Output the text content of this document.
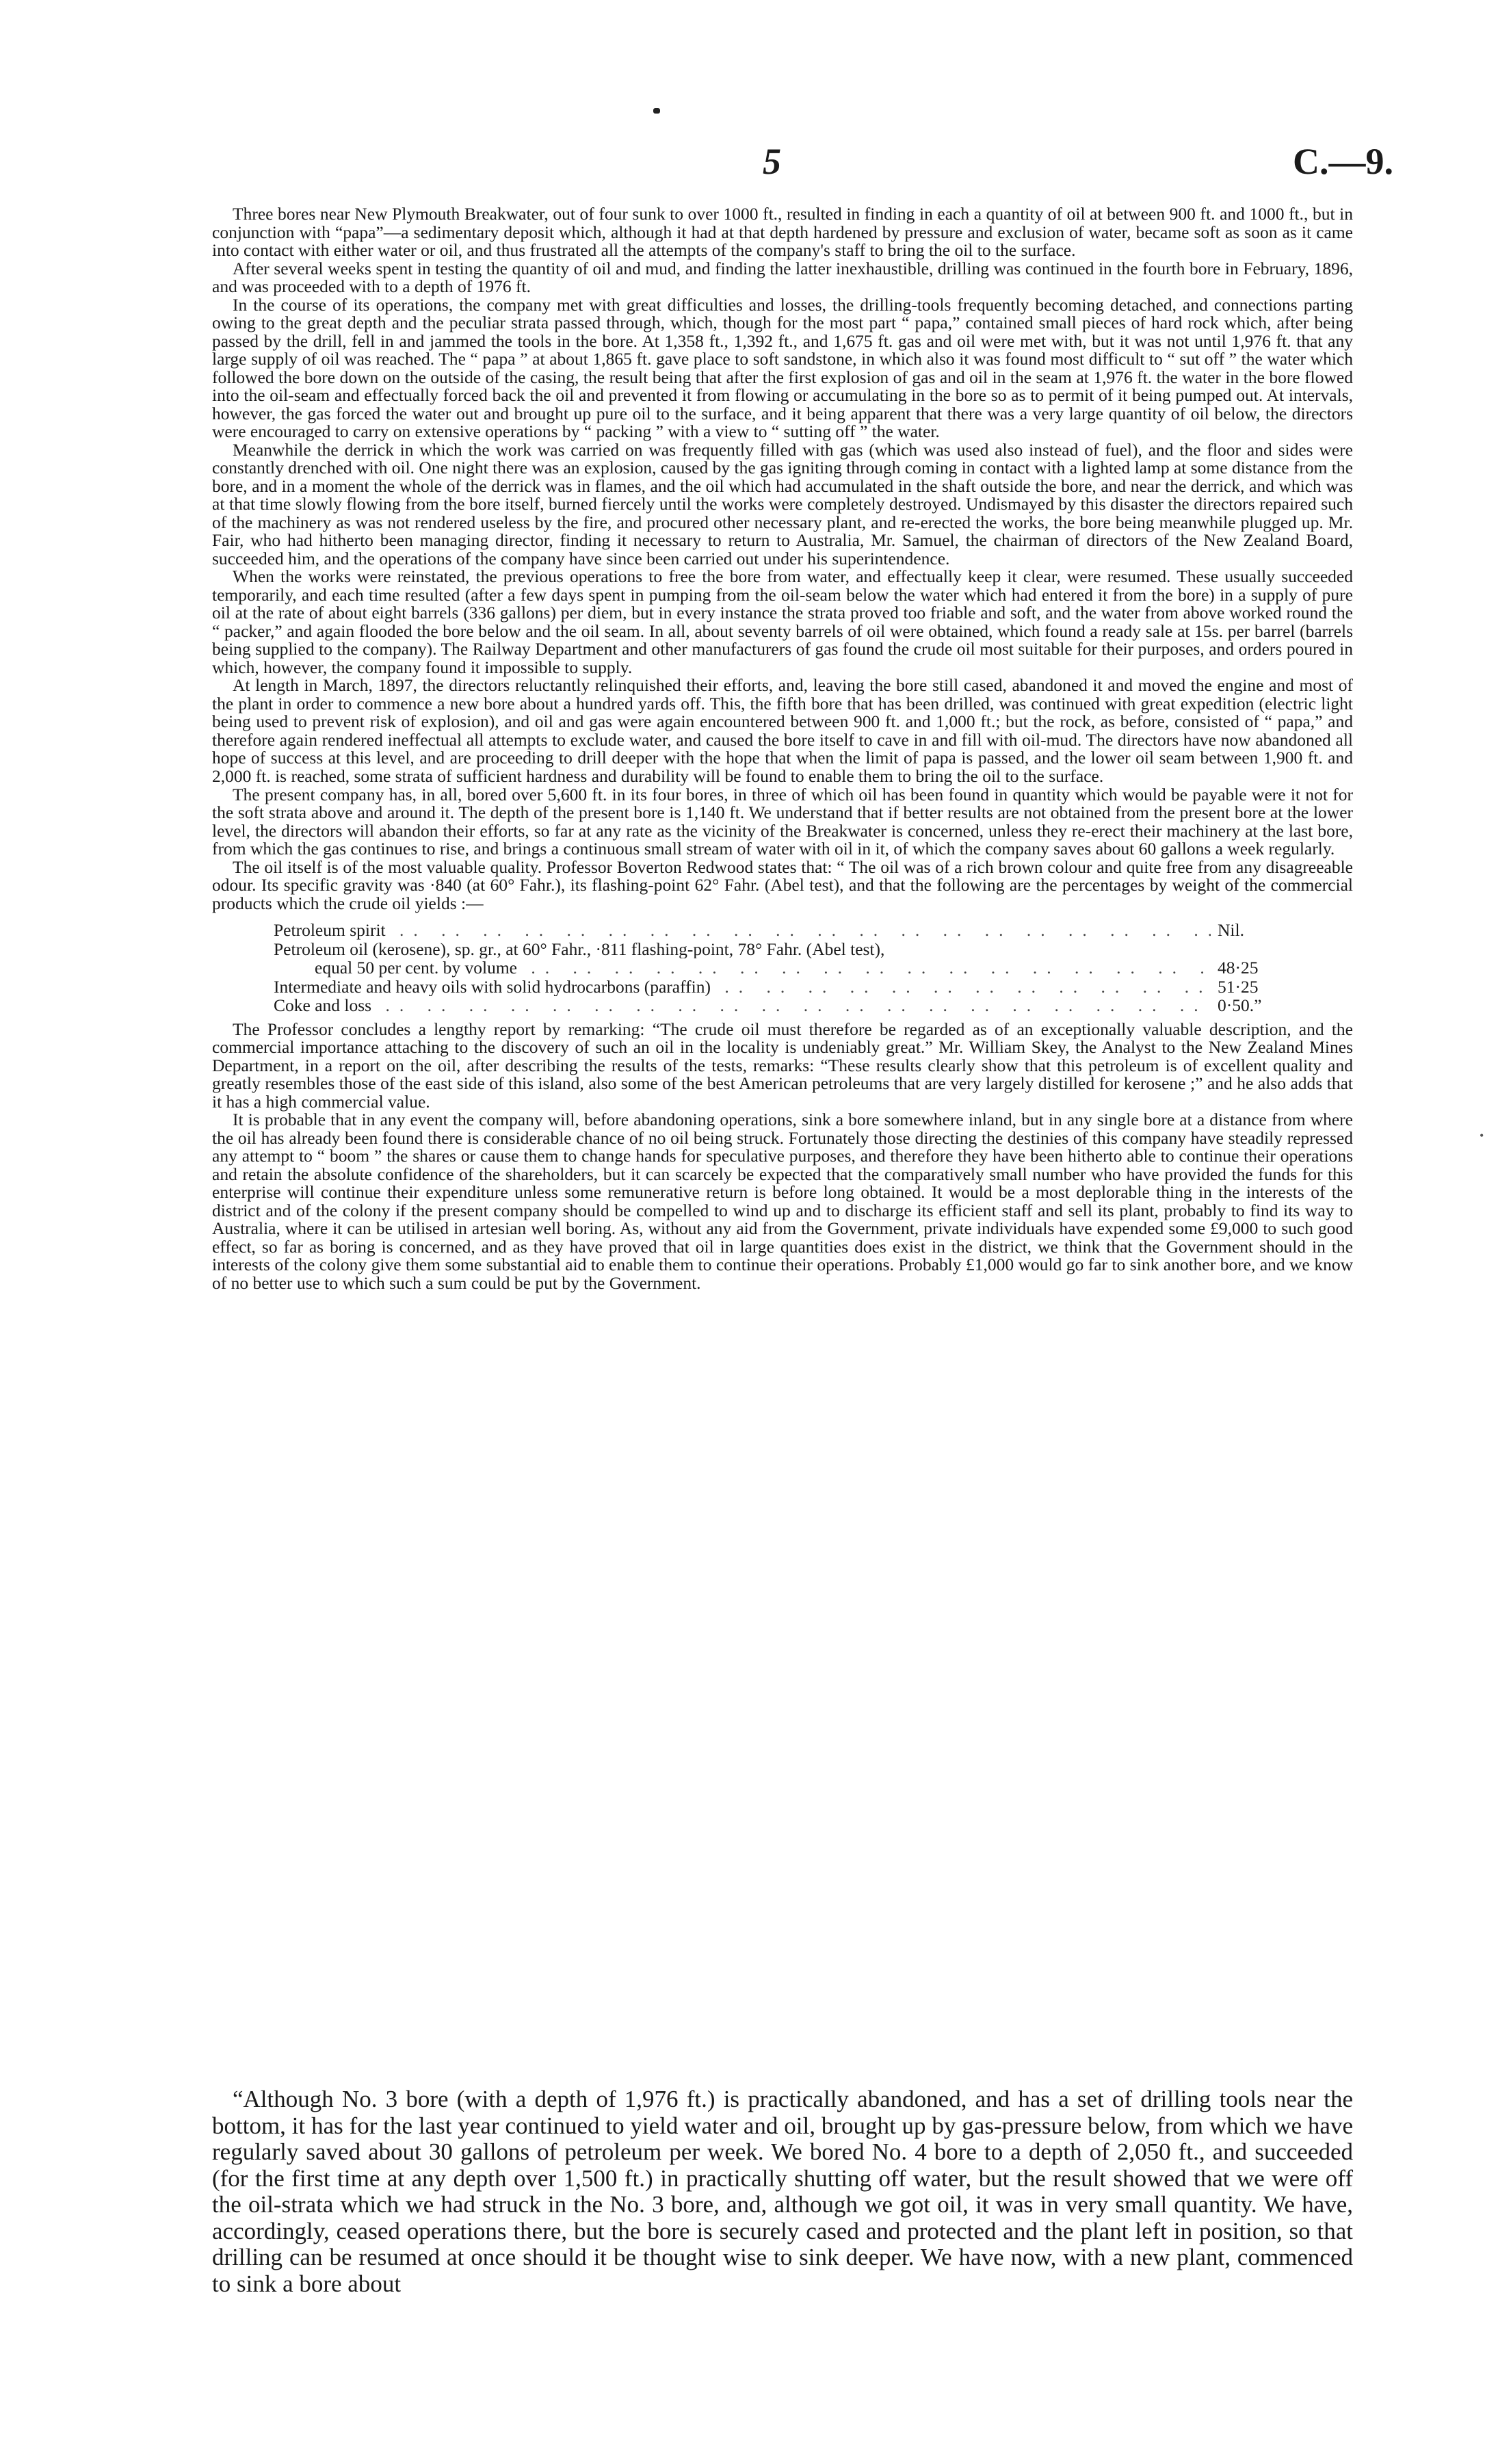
•
5	C.—9.

Three bores near New Plymouth Breakwater, out of four sunk to over 1000 ft., resulted in finding in each a quantity of oil at between 900 ft. and 1000 ft., but in conjunction with “papa”—a sedimentary deposit which, although it had at that depth hardened by pressure and exclusion of water, became soft as soon as it came into contact with either water or oil, and thus frustrated all the attempts of the company's staff to bring the oil to the surface.

After several weeks spent in testing the quantity of oil and mud, and finding the latter inexhaustible, drilling was continued in the fourth bore in February, 1896, and was proceeded with to a depth of 1976 ft.

In the course of its operations, the company met with great difficulties and losses, the drilling-tools frequently becoming detached, and connections parting owing to the great depth and the peculiar strata passed through, which, though for the most part “ papa,” contained small pieces of hard rock which, after being passed by the drill, fell in and jammed the tools in the bore. At 1,358 ft., 1,392 ft., and 1,675 ft. gas and oil were met with, but it was not until 1,976 ft. that any large supply of oil was reached. The “ papa ” at about 1,865 ft. gave place to soft sandstone, in which also it was found most difficult to “ sut off ” the water which followed the bore down on the outside of the casing, the result being that after the first explosion of gas and oil in the seam at 1,976 ft. the water in the bore flowed into the oil-seam and effectually forced back the oil and prevented it from flowing or accumulating in the bore so as to permit of it being pumped out. At intervals, however, the gas forced the water out and brought up pure oil to the surface, and it being apparent that there was a very large quantity of oil below, the directors were encouraged to carry on extensive operations by “ packing ” with a view to “ sutting off ” the water.

Meanwhile the derrick in which the work was carried on was frequently filled with gas (which was used also instead of fuel), and the floor and sides were constantly drenched with oil. One night there was an explosion, caused by the gas igniting through coming in contact with a lighted lamp at some distance from the bore, and in a moment the whole of the derrick was in flames, and the oil which had accumulated in the shaft outside the bore, and near the derrick, and which was at that time slowly flowing from the bore itself, burned fiercely until the works were completely destroyed. Undismayed by this disaster the directors repaired such of the machinery as was not rendered useless by the fire, and procured other necessary plant, and re-erected the works, the bore being meanwhile plugged up. Mr. Fair, who had hitherto been managing director, finding it necessary to return to Australia, Mr. Samuel, the chairman of directors of the New Zealand Board, succeeded him, and the operations of the company have since been carried out under his superintendence.

When the works were reinstated, the previous operations to free the bore from water, and effectually keep it clear, were resumed. These usually succeeded temporarily, and each time resulted (after a few days spent in pumping from the oil-seam below the water which had entered it from the bore) in a supply of pure oil at the rate of about eight barrels (336 gallons) per diem, but in every instance the strata proved too friable and soft, and the water from above worked round the “ packer,” and again flooded the bore below and the oil seam. In all, about seventy barrels of oil were obtained, which found a ready sale at 15s. per barrel (barrels being supplied to the company). The Railway Department and other manufacturers of gas found the crude oil most suitable for their purposes, and orders poured in which, however, the company found it impossible to supply.

At length in March, 1897, the directors reluctantly relinquished their efforts, and, leaving the bore still cased, abandoned it and moved the engine and most of the plant in order to commence a new bore about a hundred yards off. This, the fifth bore that has been drilled, was continued with great expedition (electric light being used to prevent risk of explosion), and oil and gas were again encountered between 900 ft. and 1,000 ft.; but the rock, as before, consisted of “ papa,” and therefore again rendered ineffectual all attempts to exclude water, and caused the bore itself to cave in and fill with oil-mud. The directors have now abandoned all hope of success at this level, and are proceeding to drill deeper with the hope that when the limit of papa is passed, and the lower oil seam between 1,900 ft. and 2,000 ft. is reached, some strata of sufficient hardness and durability will be found to enable them to bring the oil to the surface.

The present company has, in all, bored over 5,600 ft. in its four bores, in three of which oil has been found in quantity which would be payable were it not for the soft strata above and around it. The depth of the present bore is 1,140 ft. We understand that if better results are not obtained from the present bore at the lower level, the directors will abandon their efforts, so far at any rate as the vicinity of the Breakwater is concerned, unless they re-erect their machinery at the last bore, from which the gas continues to rise, and brings a continuous small stream of water with oil in it, of which the company saves about 60 gallons a week regularly.

The oil itself is of the most valuable quality. Professor Boverton Redwood states that: “ The oil was of a rich brown colour and quite free from any disagreeable odour. Its specific gravity was ·840 (at 60° Fahr.), its flashing-point 62° Fahr. (Abel test), and that the following are the percentages by weight of the commercial products which the crude oil yields :—

Petroleum spirit .. ..	Nil.
Petroleum oil (kerosene), sp. gr., at 60° Fahr., ·811 flashing-point, 78° Fahr. (Abel test),
equal 50 per cent. by volume .. ..	48·25
Intermediate and heavy oils with solid hydrocarbons (paraffin) .. ..	51·25
Coke and loss .. ..	0·50.”

The Professor concludes a lengthy report by remarking: “The crude oil must therefore be regarded as of an exceptionally valuable description, and the commercial importance attaching to the discovery of such an oil in the locality is undeniably great.” Mr. William Skey, the Analyst to the New Zealand Mines Department, in a report on the oil, after describing the results of the tests, remarks: “These results clearly show that this petroleum is of excellent quality and greatly resembles those of the east side of this island, also some of the best American petroleums that are very largely distilled for kerosene ;” and he also adds that it has a high commercial value.

It is probable that in any event the company will, before abandoning operations, sink a bore somewhere inland, but in any single bore at a distance from where the oil has already been found there is considerable chance of no oil being struck. Fortunately those directing the destinies of this company have steadily repressed any attempt to “ boom ” the shares or cause them to change hands for speculative purposes, and therefore they have been hitherto able to continue their operations and retain the absolute confidence of the shareholders, but it can scarcely be expected that the comparatively small number who have provided the funds for this enterprise will continue their expenditure unless some remunerative return is before long obtained. It would be a most deplorable thing in the interests of the district and of the colony if the present company should be compelled to wind up and to discharge its efficient staff and sell its plant, probably to find its way to Australia, where it can be utilised in artesian well boring. As, without any aid from the Government, private individuals have expended some £9,000 to such good effect, so far as boring is concerned, and as they have proved that oil in large quantities does exist in the district, we think that the Government should in the interests of the colony give them some substantial aid to enable them to continue their operations. Probably £1,000 would go far to sink another bore, and we know of no better use to which such a sum could be put by the Government.

“Although No. 3 bore (with a depth of 1,976 ft.) is practically abandoned, and has a set of drilling tools near the bottom, it has for the last year continued to yield water and oil, brought up by gas-pressure below, from which we have regularly saved about 30 gallons of petroleum per week. We bored No. 4 bore to a depth of 2,050 ft., and succeeded (for the first time at any depth over 1,500 ft.) in practically shutting off water, but the result showed that we were off the oil-strata which we had struck in the No. 3 bore, and, although we got oil, it was in very small quantity. We have, accordingly, ceased operations there, but the bore is securely cased and protected and the plant left in position, so that drilling can be resumed at once should it be thought wise to sink deeper. We have now, with a new plant, commenced to sink a bore about
